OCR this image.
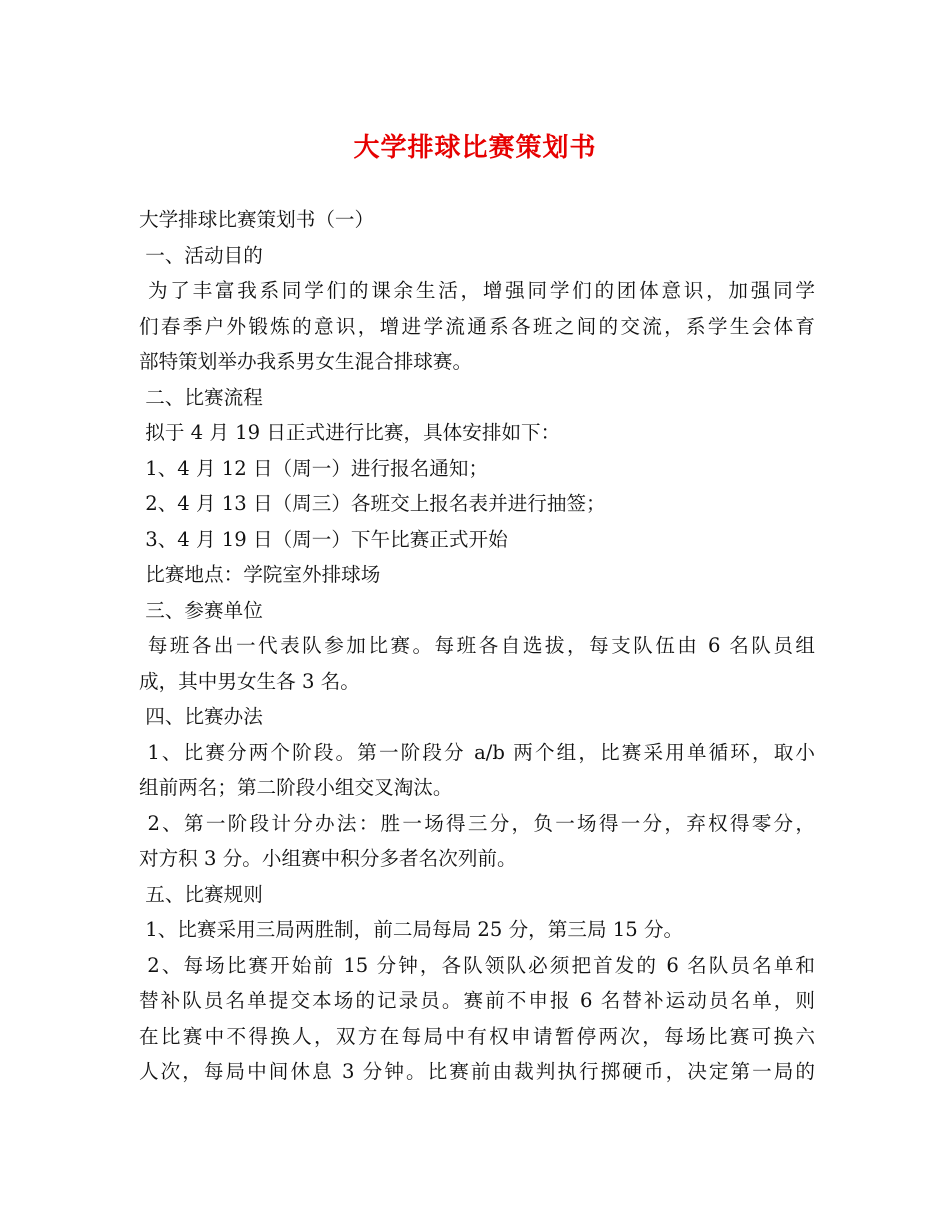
大学排球比赛策划书
大学排球比赛策划书（一）
一、活动目的
为了丰富我系同学们的课余生活，增强同学们的团体意识，加强同学
们春季户外锻炼的意识，增进学流通系各班之间的交流，系学生会体育
部特策划举办我系男女生混合排球赛。
二、比赛流程
拟于 4 月 19 日正式进行比赛，具体安排如下：
1、4 月 12 日（周一）进行报名通知；
2、4 月 13 日（周三）各班交上报名表并进行抽签；
3、4 月 19 日（周一）下午比赛正式开始
比赛地点：学院室外排球场
三、参赛单位
每班各出一代表队参加比赛。每班各自选拔，每支队伍由 6 名队员组
成，其中男女生各 3 名。
四、比赛办法
1、比赛分两个阶段。第一阶段分 a/b 两个组，比赛采用单循环，取小
组前两名；第二阶段小组交叉淘汰。
2、第一阶段计分办法：胜一场得三分，负一场得一分，弃权得零分，
对方积 3 分。小组赛中积分多者名次列前。
五、比赛规则
1、比赛采用三局两胜制，前二局每局 25 分，第三局 15 分。
2、每场比赛开始前 15 分钟，各队领队必须把首发的 6 名队员名单和
替补队员名单提交本场的记录员。赛前不申报 6 名替补运动员名单，则
在比赛中不得换人，双方在每局中有权申请暂停两次，每场比赛可换六
人次，每局中间休息 3 分钟。比赛前由裁判执行掷硬币，决定第一局的
